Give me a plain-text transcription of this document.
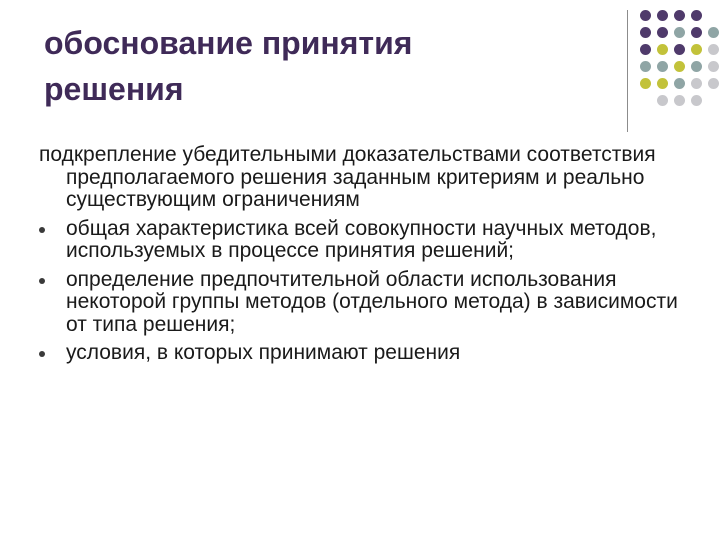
обоснование принятия
решения

подкрепление убедительными доказательствами соответствия предполагаемого решения заданным критериям и реально существующим ограничениям

общая характеристика всей совокупности научных методов, используемых в процессе принятия решений;
определение предпочтительной области использования некоторой группы методов (отдельного метода) в зависимости от типа решения;
условия, в которых принимают решения
